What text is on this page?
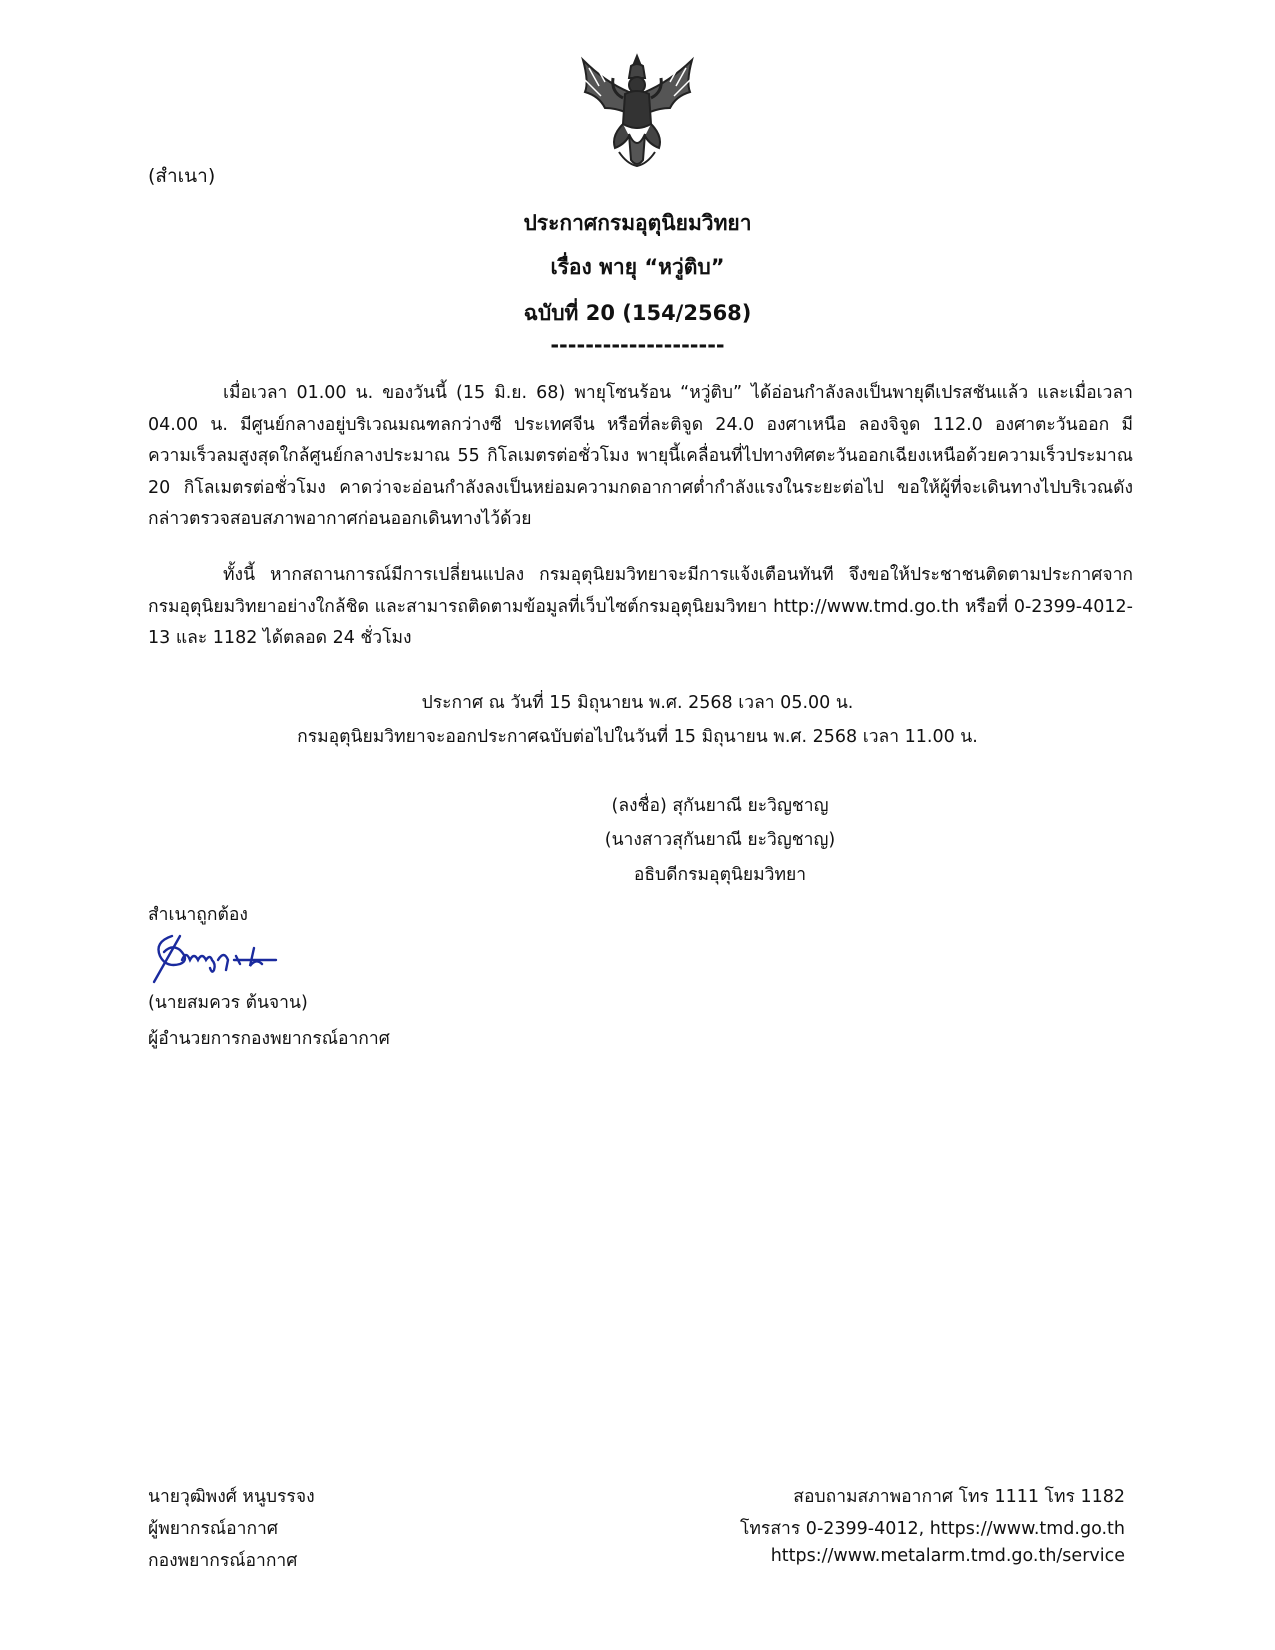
(สำเนา)
ประกาศกรมอุตุนิยมวิทยา
เรื่อง พายุ “หวู่ติบ”
ฉบับที่ 20 (154/2568)
--------------------

เมื่อเวลา 01.00 น. ของวันนี้ (15 มิ.ย. 68) พายุโซนร้อน “หวู่ติบ” ได้อ่อนกำลังลงเป็นพายุดีเปรสชันแล้ว และเมื่อเวลา 04.00 น. มีศูนย์กลางอยู่บริเวณมณฑลกว่างซี ประเทศจีน หรือที่ละติจูด 24.0 องศาเหนือ ลองจิจูด 112.0 องศาตะวันออก มีความเร็วลมสูงสุดใกล้ศูนย์กลางประมาณ 55 กิโลเมตรต่อชั่วโมง พายุนี้เคลื่อนที่ไปทางทิศตะวันออกเฉียงเหนือด้วยความเร็วประมาณ 20 กิโลเมตรต่อชั่วโมง คาดว่าจะอ่อนกำลังลงเป็นหย่อมความกดอากาศต่ำกำลังแรงในระยะต่อไป ขอให้ผู้ที่จะเดินทางไปบริเวณดังกล่าวตรวจสอบสภาพอากาศก่อนออกเดินทางไว้ด้วย

ทั้งนี้ หากสถานการณ์มีการเปลี่ยนแปลง กรมอุตุนิยมวิทยาจะมีการแจ้งเตือนทันที จึงขอให้ประชาชนติดตามประกาศจากกรมอุตุนิยมวิทยาอย่างใกล้ชิด และสามารถติดตามข้อมูลที่เว็บไซต์กรมอุตุนิยมวิทยา http://www.tmd.go.th หรือที่ 0-2399-4012-13 และ 1182 ได้ตลอด 24 ชั่วโมง

ประกาศ ณ วันที่ 15 มิถุนายน พ.ศ. 2568 เวลา 05.00 น.
กรมอุตุนิยมวิทยาจะออกประกาศฉบับต่อไปในวันที่ 15 มิถุนายน พ.ศ. 2568 เวลา 11.00 น.
(ลงชื่อ) สุกันยาณี ยะวิญชาญ
(นางสาวสุกันยาณี ยะวิญชาญ)
อธิบดีกรมอุตุนิยมวิทยา
สำเนาถูกต้อง
(นายสมควร ต้นจาน)
ผู้อำนวยการกองพยากรณ์อากาศ
นายวุฒิพงศ์ หนูบรรจง
ผู้พยากรณ์อากาศ
กองพยากรณ์อากาศ
สอบถามสภาพอากาศ โทร 1111 โทร 1182
โทรสาร 0-2399-4012, https://www.tmd.go.th
https://www.metalarm.tmd.go.th/service
